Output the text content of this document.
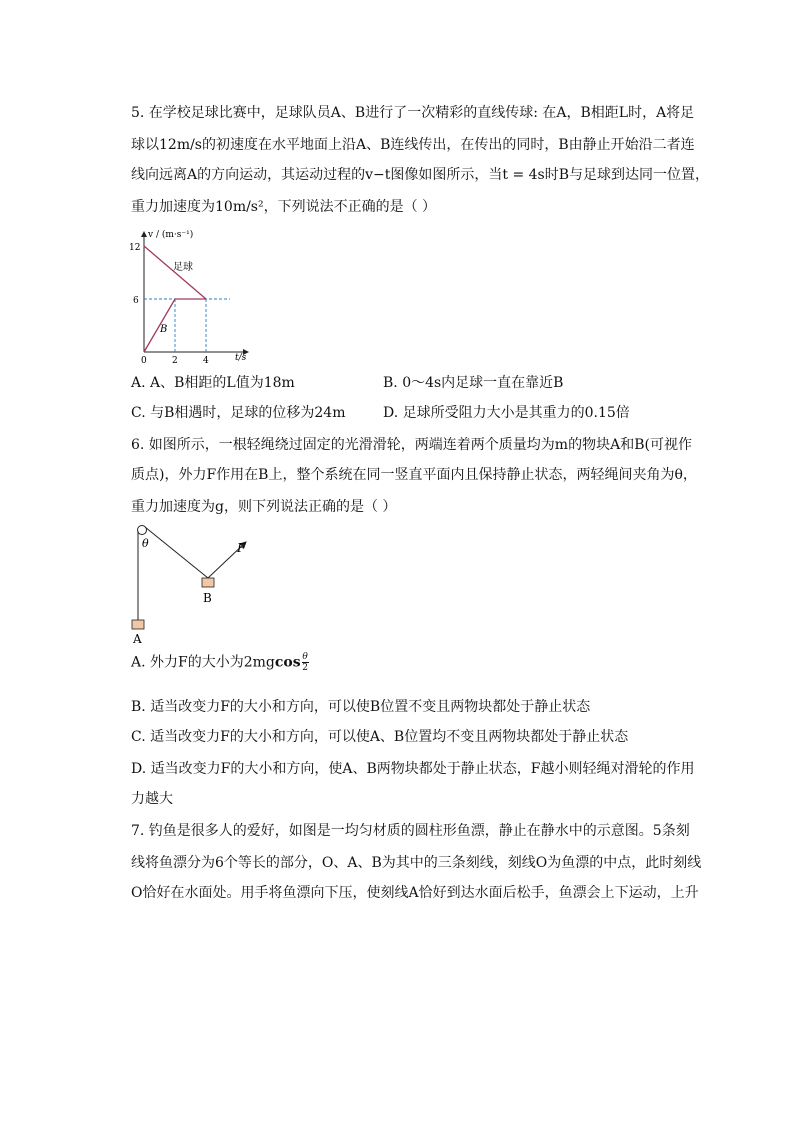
5. 在学校足球比赛中，足球队员A、B进行了一次精彩的直线传球: 在A，B相距L时，A将足
球以12m/s的初速度在水平地面上沿A、B连线传出，在传出的同时，B由静止开始沿二者连
线向远离A的方向运动，其运动过程的v−t图像如图所示，当t = 4s时B与足球到达同一位置，
重力加速度为10m/s²，下列说法不正确的是（ ）
v / (m·s⁻¹)
t/s
12
6
0	2	4
足球
B
A. A、B相距的L值为18m	B. 0～4s内足球一直在靠近B
C. 与B相遇时，足球的位移为24m	D. 足球所受阻力大小是其重力的0.15倍
6. 如图所示，一根轻绳绕过固定的光滑滑轮，两端连着两个质量均为m的物块A和B(可视作
质点)，外力F作用在B上，整个系统在同一竖直平面内且保持静止状态，两轻绳间夹角为θ，
重力加速度为g，则下列说法正确的是（ ）
θ	F
A
B
A. 外力F的大小为$2mgcos \frac{\theta}{2}$
B. 适当改变力F的大小和方向，可以使B位置不变且两物块都处于静止状态
C. 适当改变力F的大小和方向，可以使A、B位置均不变且两物块都处于静止状态
D. 适当改变力F的大小和方向，使A、B两物块都处于静止状态，F越小则轻绳对滑轮的作用
力越大
7. 钓鱼是很多人的爱好，如图是一均匀材质的圆柱形鱼漂，静止在静水中的示意图。5条刻
线将鱼漂分为6个等长的部分，O、A、B为其中的三条刻线，刻线O为鱼漂的中点，此时刻线
O恰好在水面处。用手将鱼漂向下压，使刻线A恰好到达水面后松手，鱼漂会上下运动，上升
